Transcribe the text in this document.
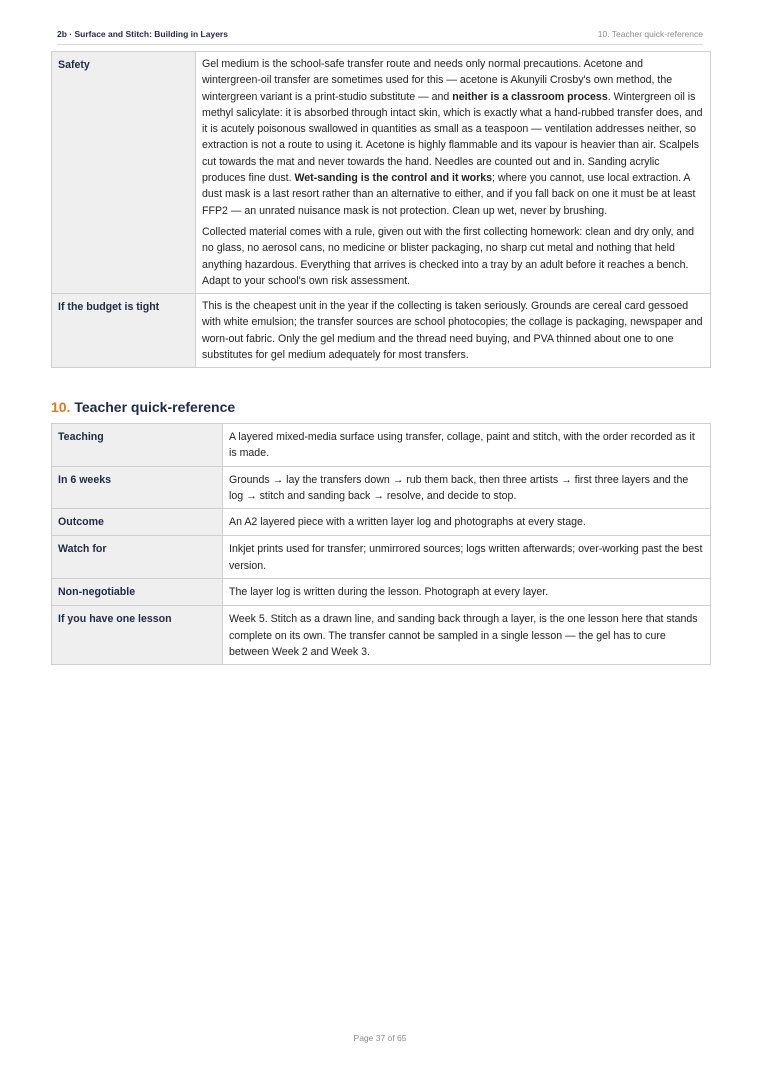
2b · Surface and Stitch: Building in Layers	10. Teacher quick-reference
Safety	Gel medium is the school-safe transfer route and needs only normal precautions. Acetone and wintergreen-oil transfer are sometimes used for this — acetone is Akunyili Crosby's own method, the wintergreen variant is a print-studio substitute — and neither is a classroom process. Wintergreen oil is methyl salicylate: it is absorbed through intact skin, which is exactly what a hand-rubbed transfer does, and it is acutely poisonous swallowed in quantities as small as a teaspoon — ventilation addresses neither, so extraction is not a route to using it. Acetone is highly flammable and its vapour is heavier than air. Scalpels cut towards the mat and never towards the hand. Needles are counted out and in. Sanding acrylic produces fine dust. Wet-sanding is the control and it works; where you cannot, use local extraction. A dust mask is a last resort rather than an alternative to either, and if you fall back on one it must be at least FFP2 — an unrated nuisance mask is not protection. Clean up wet, never by brushing.

Collected material comes with a rule, given out with the first collecting homework: clean and dry only, and no glass, no aerosol cans, no medicine or blister packaging, no sharp cut metal and nothing that held anything hazardous. Everything that arrives is checked into a tray by an adult before it reaches a bench. Adapt to your school's own risk assessment.

If the budget is tight	This is the cheapest unit in the year if the collecting is taken seriously. Grounds are cereal card gessoed with white emulsion; the transfer sources are school photocopies; the collage is packaging, newspaper and worn-out fabric. Only the gel medium and the thread need buying, and PVA thinned about one to one substitutes for gel medium adequately for most transfers.
10. Teacher quick-reference
Teaching	A layered mixed-media surface using transfer, collage, paint and stitch, with the order recorded as it is made.
In 6 weeks	Grounds → lay the transfers down → rub them back, then three artists → first three layers and the log → stitch and sanding back → resolve, and decide to stop.
Outcome	An A2 layered piece with a written layer log and photographs at every stage.
Watch for	Inkjet prints used for transfer; unmirrored sources; logs written afterwards; over-working past the best version.
Non-negotiable	The layer log is written during the lesson. Photograph at every layer.
If you have one lesson	Week 5. Stitch as a drawn line, and sanding back through a layer, is the one lesson here that stands complete on its own. The transfer cannot be sampled in a single lesson — the gel has to cure between Week 2 and Week 3.
Page 37 of 65
